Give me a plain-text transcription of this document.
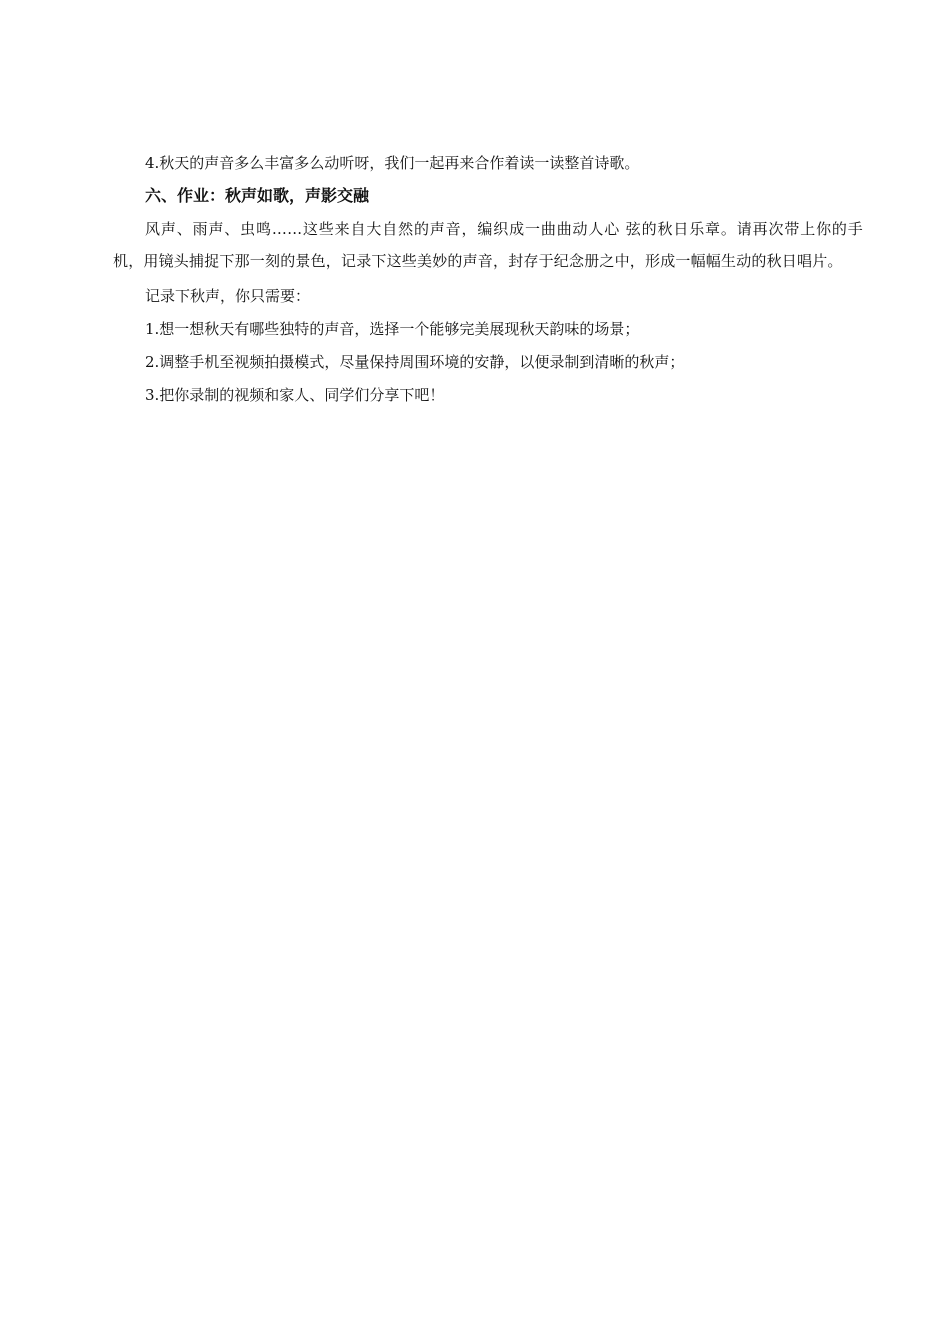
4.秋天的声音多么丰富多么动听呀，我们一起再来合作着读一读整首诗歌。
六、作业：秋声如歌，声影交融
风声、雨声、虫鸣……这些来自大自然的声音，编织成一曲曲动人心 弦的秋日乐章。请再次带上你的手机，用镜头捕捉下那一刻的景色，记录下这些美妙的声音，封存于纪念册之中，形成一幅幅生动的秋日唱片。
记录下秋声，你只需要：
1.想一想秋天有哪些独特的声音，选择一个能够完美展现秋天韵味的场景；
2.调整手机至视频拍摄模式，尽量保持周围环境的安静，以便录制到清晰的秋声；
3.把你录制的视频和家人、同学们分享下吧！
